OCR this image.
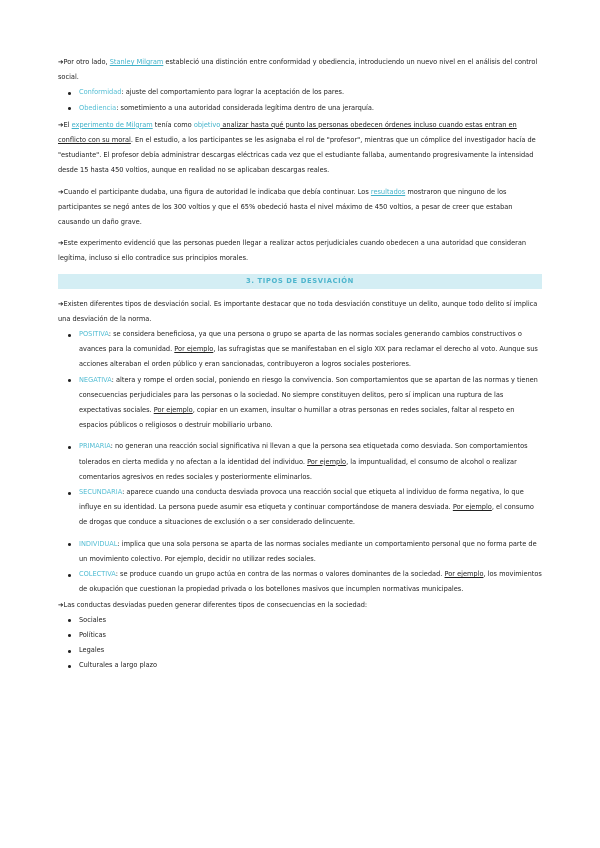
➔Por otro lado, Stanley Milgram estableció una distinción entre conformidad y obediencia, introduciendo un nuevo nivel en el análisis del control social.

Conformidad: ajuste del comportamiento para lograr la aceptación de los pares.
Obediencia: sometimiento a una autoridad considerada legítima dentro de una jerarquía.

➔El experimento de Milgram tenía como objetivo analizar hasta qué punto las personas obedecen órdenes incluso cuando estas entran en conflicto con su moral. En el estudio, a los participantes se les asignaba el rol de "profesor", mientras que un cómplice del investigador hacía de "estudiante". El profesor debía administrar descargas eléctricas cada vez que el estudiante fallaba, aumentando progresivamente la intensidad desde 15 hasta 450 voltios, aunque en realidad no se aplicaban descargas reales.

➔Cuando el participante dudaba, una figura de autoridad le indicaba que debía continuar. Los resultados mostraron que ninguno de los participantes se negó antes de los 300 voltios y que el 65% obedeció hasta el nivel máximo de 450 voltios, a pesar de creer que estaban causando un daño grave.

➔Este experimento evidenció que las personas pueden llegar a realizar actos perjudiciales cuando obedecen a una autoridad que consideran legítima, incluso si ello contradice sus principios morales.

3. TIPOS DE DESVIACIÓN

➔Existen diferentes tipos de desviación social. Es importante destacar que no toda desviación constituye un delito, aunque todo delito sí implica una desviación de la norma.

POSITIVA: se considera beneficiosa, ya que una persona o grupo se aparta de las normas sociales generando cambios constructivos o avances para la comunidad. Por ejemplo, las sufragistas que se manifestaban en el siglo XIX para reclamar el derecho al voto. Aunque sus acciones alteraban el orden público y eran sancionadas, contribuyeron a logros sociales posteriores.
NEGATIVA: altera y rompe el orden social, poniendo en riesgo la convivencia. Son comportamientos que se apartan de las normas y tienen consecuencias perjudiciales para las personas o la sociedad. No siempre constituyen delitos, pero sí implican una ruptura de las expectativas sociales. Por ejemplo, copiar en un examen, insultar o humillar a otras personas en redes sociales, faltar al respeto en espacios públicos o religiosos o destruir mobiliario urbano.
PRIMARIA: no generan una reacción social significativa ni llevan a que la persona sea etiquetada como desviada. Son comportamientos tolerados en cierta medida y no afectan a la identidad del individuo. Por ejemplo, la impuntualidad, el consumo de alcohol o realizar comentarios agresivos en redes sociales y posteriormente eliminarlos.
SECUNDARIA: aparece cuando una conducta desviada provoca una reacción social que etiqueta al individuo de forma negativa, lo que influye en su identidad. La persona puede asumir esa etiqueta y continuar comportándose de manera desviada. Por ejemplo, el consumo de drogas que conduce a situaciones de exclusión o a ser considerado delincuente.
INDIVIDUAL: implica que una sola persona se aparta de las normas sociales mediante un comportamiento personal que no forma parte de un movimiento colectivo. Por ejemplo, decidir no utilizar redes sociales.
COLECTIVA: se produce cuando un grupo actúa en contra de las normas o valores dominantes de la sociedad. Por ejemplo, los movimientos de okupación que cuestionan la propiedad privada o los botellones masivos que incumplen normativas municipales.

➔Las conductas desviadas pueden generar diferentes tipos de consecuencias en la sociedad:

Sociales
Políticas
Legales
Culturales a largo plazo
